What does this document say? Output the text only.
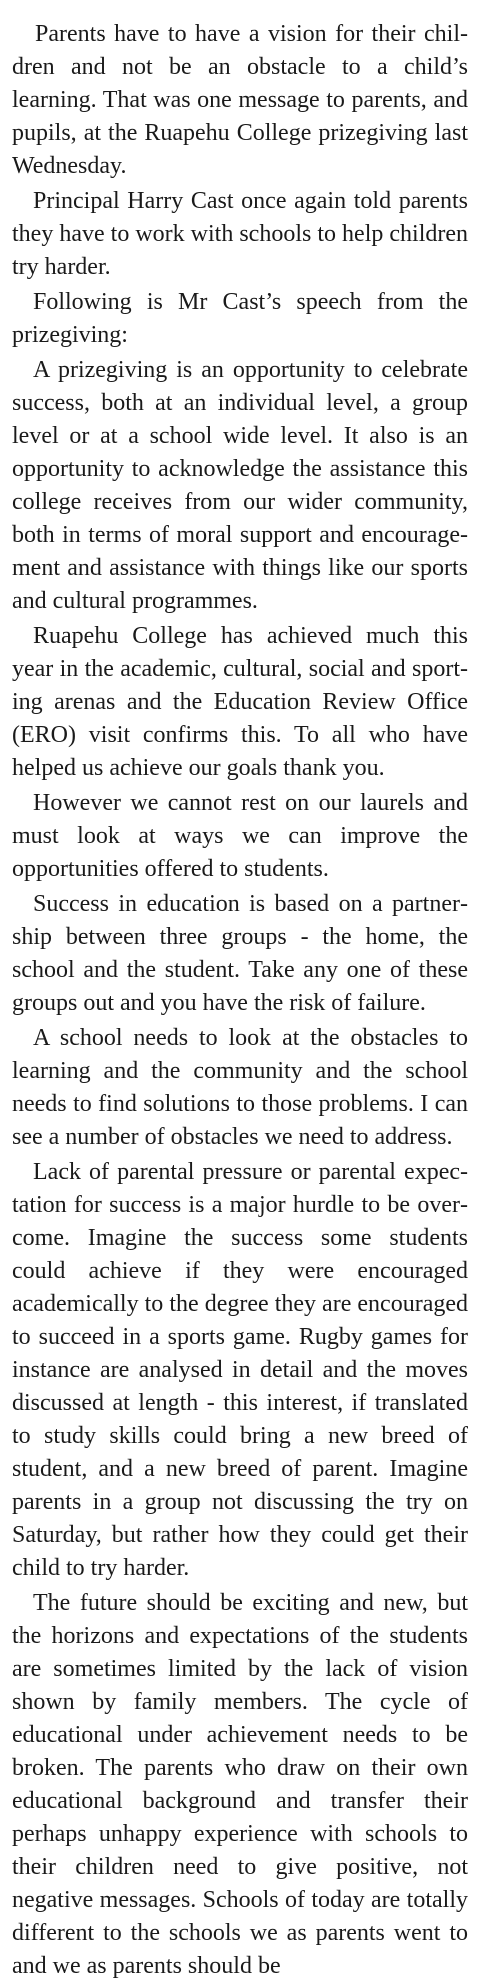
Parents have to have a vision for their children and not be an obstacle to a child’s learning. That was one message to parents, and pupils, at the Ruapehu College prizegiving last Wednesday.

Principal Harry Cast once again told parents they have to work with schools to help children try harder.

Following is Mr Cast’s speech from the prizegiving:

A prizegiving is an opportunity to celebrate success, both at an individual level, a group level or at a school wide level. It also is an opportunity to acknowledge the assistance this college receives from our wider community, both in terms of moral support and encouragement and assistance with things like our sports and cultural programmes.

Ruapehu College has achieved much this year in the academic, cultural, social and sporting arenas and the Education Review Office (ERO) visit confirms this. To all who have helped us achieve our goals thank you.

However we cannot rest on our laurels and must look at ways we can improve the opportunities offered to students.

Success in education is based on a partnership between three groups - the home, the school and the student. Take any one of these groups out and you have the risk of failure.

A school needs to look at the obstacles to learning and the community and the school needs to find solutions to those problems. I can see a number of obstacles we need to address.

Lack of parental pressure or parental expectation for success is a major hurdle to be overcome. Imagine the success some students could achieve if they were encouraged academically to the degree they are encouraged to succeed in a sports game. Rugby games for instance are analysed in detail and the moves discussed at length - this interest, if translated to study skills could bring a new breed of student, and a new breed of parent. Imagine parents in a group not discussing the try on Saturday, but rather how they could get their child to try harder.

The future should be exciting and new, but the horizons and expectations of the students are sometimes limited by the lack of vision shown by family members. The cycle of educational under achievement needs to be broken. The parents who draw on their own educational background and transfer their perhaps unhappy experience with schools to their children need to give positive, not negative messages. Schools of today are totally different to the schools we as parents went to and we as parents should be
